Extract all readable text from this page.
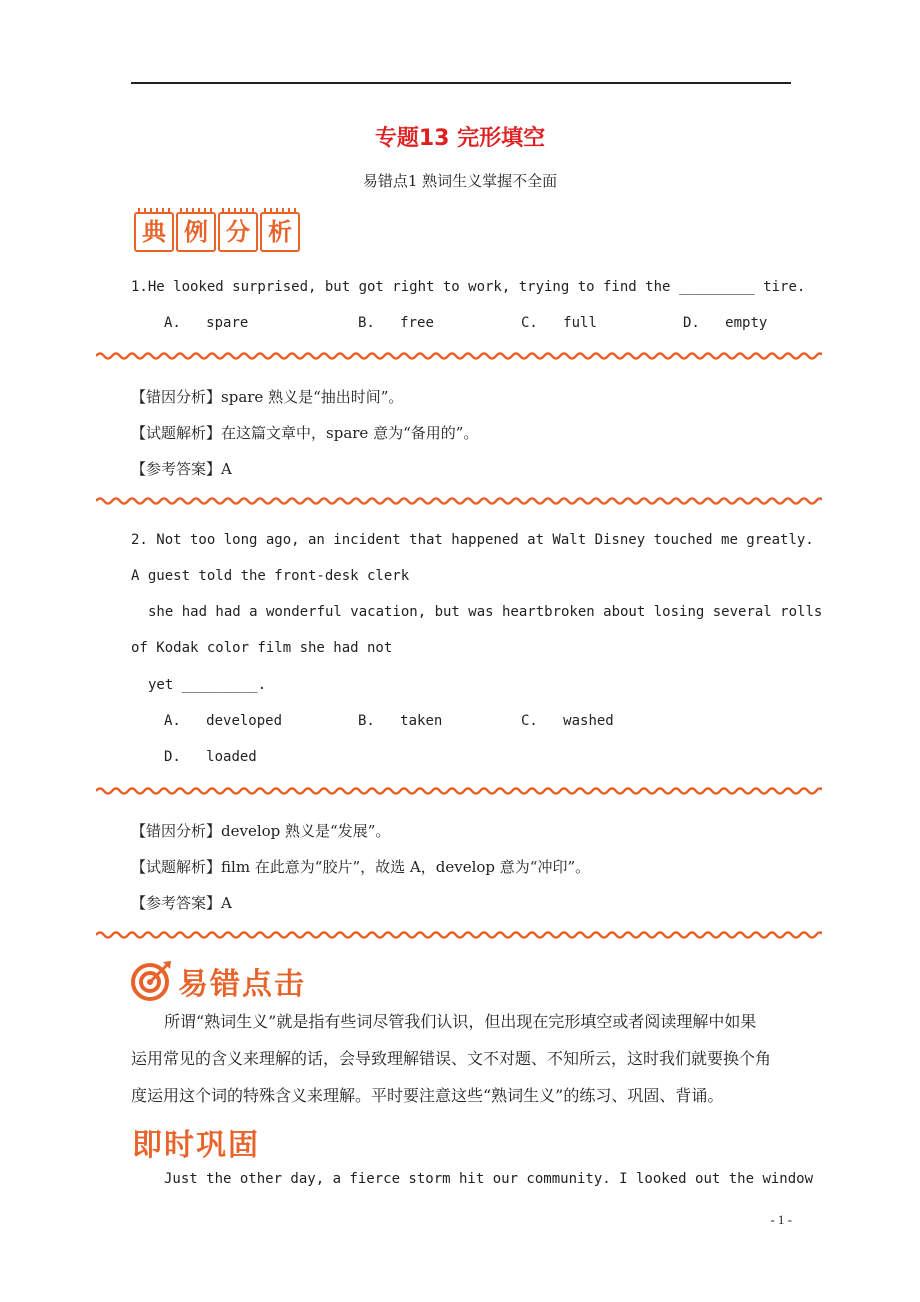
专题13 完形填空
易错点1 熟词生义掌握不全面
典 例 分 析
1.He looked surprised, but got right to work, trying to find the _________ tire.
A. spare	B. free	C. full	D. empty
【错因分析】spare 熟义是“抽出时间”。
【试题解析】在这篇文章中，spare 意为“备用的”。
【参考答案】A
2. Not too long ago, an incident that happened at Walt Disney touched me greatly.
A guest told the front-desk clerk
she had had a wonderful vacation, but was heartbroken about losing several rolls
of Kodak color film she had not
yet _________.
A. developed	B. taken	C. washed
D. loaded
【错因分析】develop 熟义是“发展”。
【试题解析】film 在此意为“胶片”，故选 A，develop 意为“冲印”。
【参考答案】A
易错点击
所谓“熟词生义”就是指有些词尽管我们认识，但出现在完形填空或者阅读理解中如果
运用常见的含义来理解的话，会导致理解错误、文不对题、不知所云，这时我们就要换个角
度运用这个词的特殊含义来理解。平时要注意这些“熟词生义”的练习、巩固、背诵。
即时巩固
Just the other day, a fierce storm hit our community. I looked out the window
- 1 -
